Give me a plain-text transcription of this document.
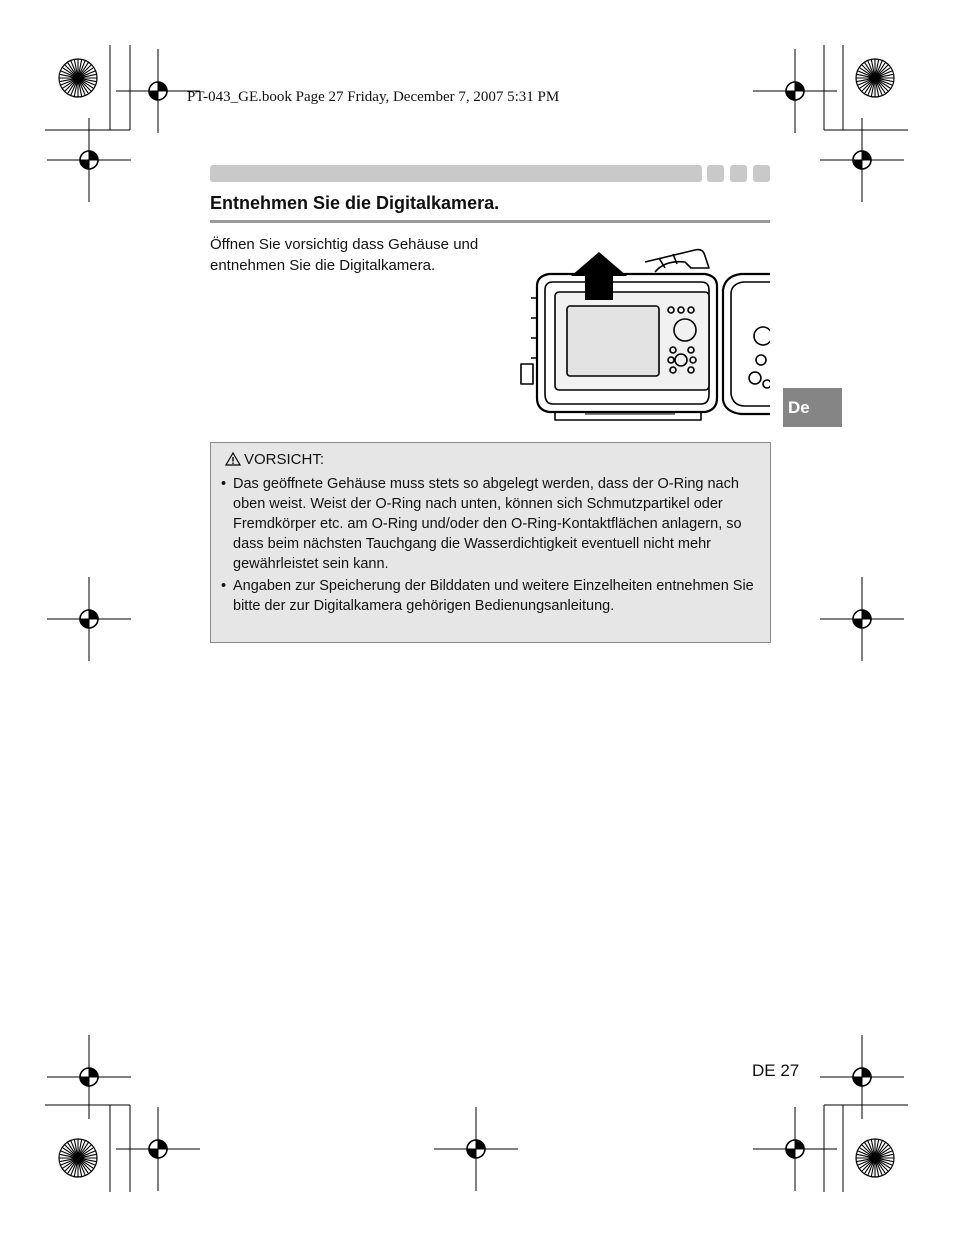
PT-043_GE.book Page 27 Friday, December 7, 2007 5:31 PM
Entnehmen Sie die Digitalkamera.
Öffnen Sie vorsichtig dass Gehäuse und entnehmen Sie die Digitalkamera.
De
VORSICHT:
• Das geöffnete Gehäuse muss stets so abgelegt werden, dass der O-Ring nach oben weist. Weist der O-Ring nach unten, können sich Schmutzpartikel oder Fremdkörper etc. am O-Ring und/oder den O-Ring-Kontaktflächen anlagern, so dass beim nächsten Tauchgang die Wasserdichtigkeit eventuell nicht mehr gewährleistet sein kann.
• Angaben zur Speicherung der Bilddaten und weitere Einzelheiten entnehmen Sie bitte der zur Digitalkamera gehörigen Bedienungsanleitung.
DE 27
